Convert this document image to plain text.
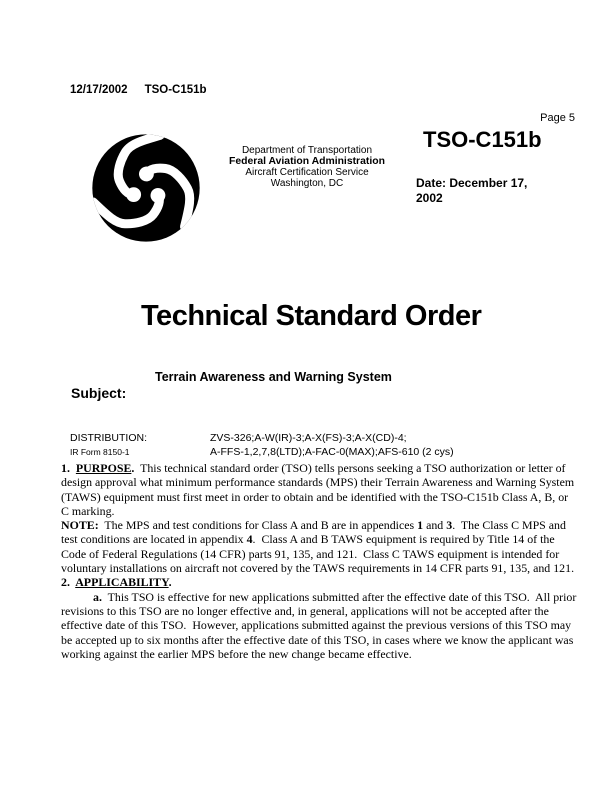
12/17/2002 TSO-C151b
Page 5
Department of Transportation
Federal Aviation Administration
Aircraft Certification Service
Washington, DC
TSO-C151b
Date: December 17,
2002
Technical Standard Order
Terrain Awareness and Warning System
Subject:
DISTRIBUTION:	ZVS-326;A-W(IR)-3;A-X(FS)-3;A-X(CD)-4;
IR Form 8150-1	A-FFS-1,2,7,8(LTD);A-FAC-0(MAX);AFS-610 (2 cys)

1.  PURPOSE.  This technical standard order (TSO) tells persons seeking a TSO authorization or letter of design approval what minimum performance standards (MPS) their Terrain Awareness and Warning System (TAWS) equipment must first meet in order to obtain and be identified with the TSO-C151b Class A, B, or C marking.

NOTE:  The MPS and test conditions for Class A and B are in appendices 1 and 3.  The Class C MPS and test conditions are located in appendix 4.  Class A and B TAWS equipment is required by Title 14 of the Code of Federal Regulations (14 CFR) parts 91, 135, and 121.  Class C TAWS equipment is intended for voluntary installations on aircraft not covered by the TAWS requirements in 14 CFR parts 91, 135, and 121.

2.  APPLICABILITY.

a.  This TSO is effective for new applications submitted after the effective date of this TSO.  All prior revisions to this TSO are no longer effective and, in general, applications will not be accepted after the effective date of this TSO.  However, applications submitted against the previous versions of this TSO may be accepted up to six months after the effective date of this TSO, in cases where we know the applicant was working against the earlier MPS before the new change became effective.
